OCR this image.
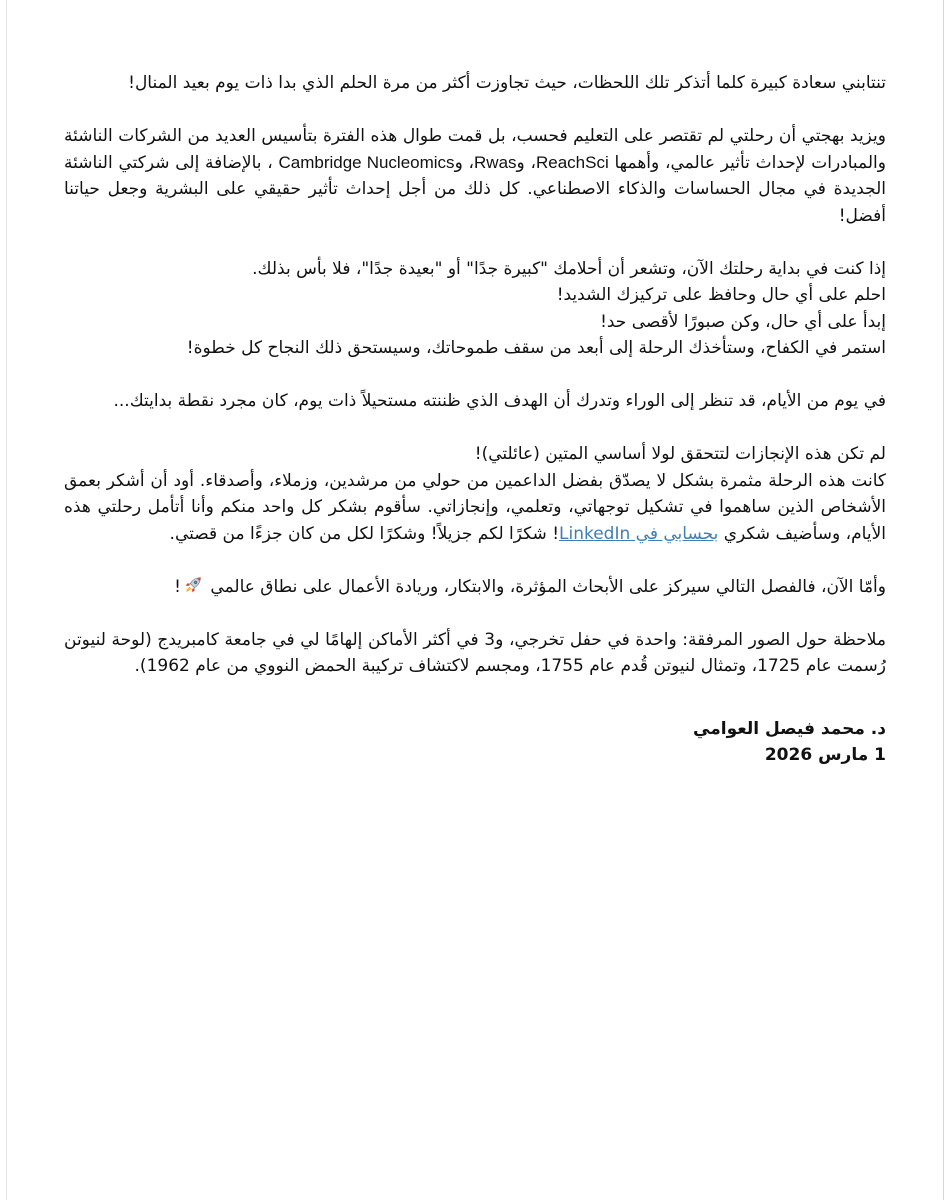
تنتابني سعادة كبيرة كلما أتذكر تلك اللحظات، حيث تجاوزت أكثر من مرة الحلم الذي بدا ذات يوم بعيد المنال!

ويزيد بهجتي أن رحلتي لم تقتصر على التعليم فحسب، بل قمت طوال هذه الفترة بتأسيس العديد من الشركات الناشئة والمبادرات لإحداث تأثير عالمي، وأهمها ReachSci، وRwas، وCambridge Nucleomics ، بالإضافة إلى شركتي الناشئة الجديدة في مجال الحساسات والذكاء الاصطناعي. كل ذلك من أجل إحداث تأثير حقيقي على البشرية وجعل حياتنا أفضل!

إذا كنت في بداية رحلتك الآن، وتشعر أن أحلامك "كبيرة جدًا" أو "بعيدة جدًا"، فلا بأس بذلك.
احلم على أي حال وحافظ على تركيزك الشديد!
إبدأ على أي حال، وكن صبورًا لأقصى حد!
استمر في الكفاح، وستأخذك الرحلة إلى أبعد من سقف طموحاتك، وسيستحق ذلك النجاح كل خطوة!

في يوم من الأيام، قد تنظر إلى الوراء وتدرك أن الهدف الذي ظننته مستحيلاً ذات يوم، كان مجرد نقطة بدايتك...

لم تكن هذه الإنجازات لتتحقق لولا أساسي المتين (عائلتي)!
كانت هذه الرحلة مثمرة بشكل لا يصدّق بفضل الداعمين من حولي من مرشدين، وزملاء، وأصدقاء. أود أن أشكر بعمق الأشخاص الذين ساهموا في تشكيل توجهاتي، وتعلمي، وإنجازاتي. سأقوم بشكر كل واحد منكم وأنا أتأمل رحلتي هذه الأيام، وسأضيف شكري بحسابي في LinkedIn! شكرًا لكم جزيلاً! وشكرًا لكل من كان جزءًا من قصتي.

وأمّا الآن، فالفصل التالي سيركز على الأبحاث المؤثرة، والابتكار، وريادة الأعمال على نطاق عالمي !

ملاحظة حول الصور المرفقة: واحدة في حفل تخرجي، و3 في أكثر الأماكن إلهامًا لي في جامعة كامبريدج (لوحة لنيوتن رُسمت عام 1725، وتمثال لنيوتن قُدم عام 1755، ومجسم لاكتشاف تركيبة الحمض النووي من عام 1962).

د. محمد فيصل العوامي
1 مارس 2026
